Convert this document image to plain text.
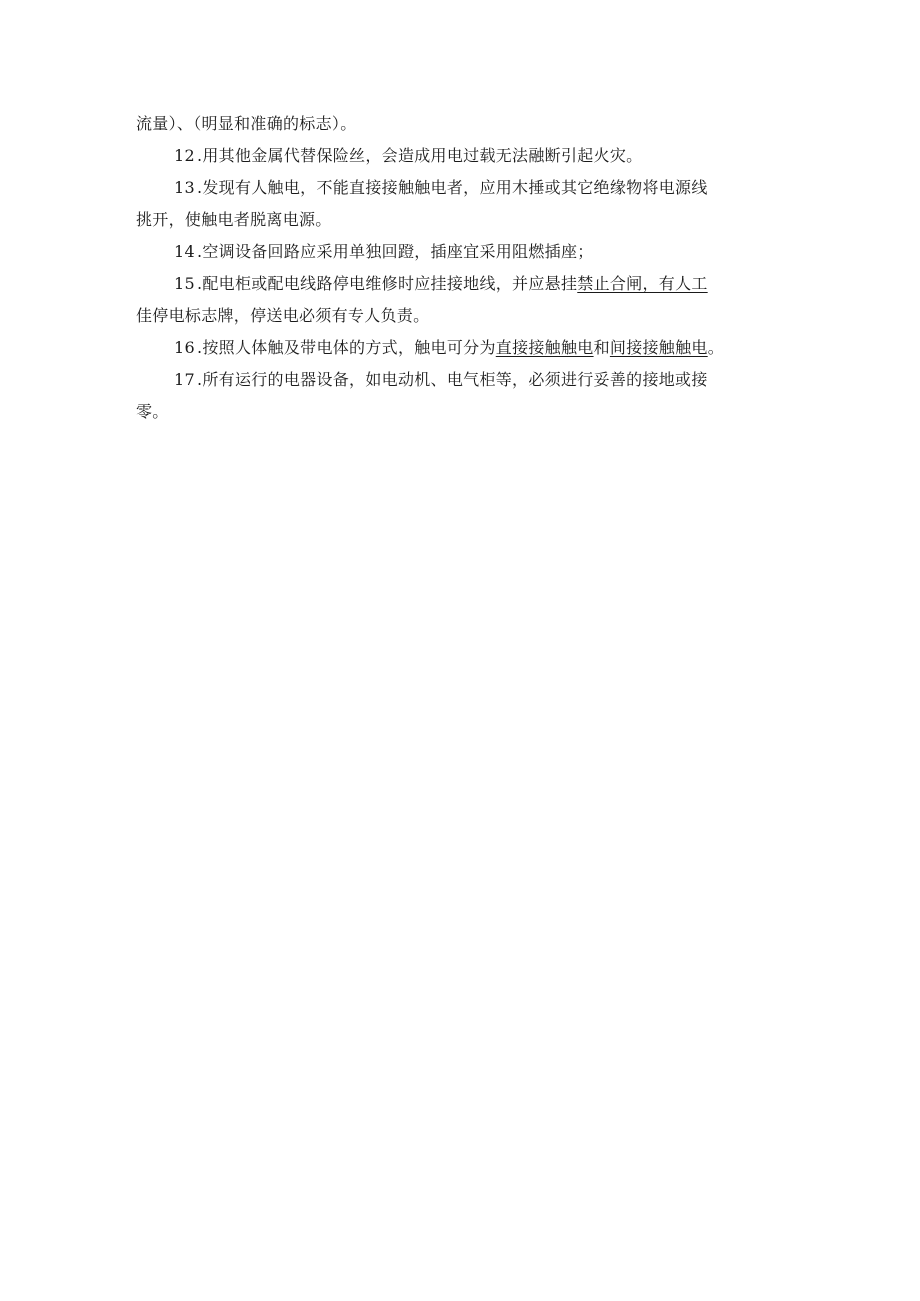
流量）、（明显和准确的标志）。
12 .用其他金属代替保险丝，会造成用电过载无法融断引起火灾。
13 .发现有人触电，不能直接接触触电者，应用木捶或其它绝缘物将电源线
挑开，使触电者脱离电源。
14 .空调设备回路应采用单独回蹬，插座宜采用阻燃插座；
15 .配电柜或配电线路停电维修时应挂接地线，并应悬挂禁止合闸，有人工
佳停电标志牌，停送电必须有专人负责。
16 .按照人体触及带电体的方式，触电可分为直接接触触电和间接接触触电。
17 .所有运行的电器设备，如电动机、电气柜等，必须进行妥善的接地或接
零。
